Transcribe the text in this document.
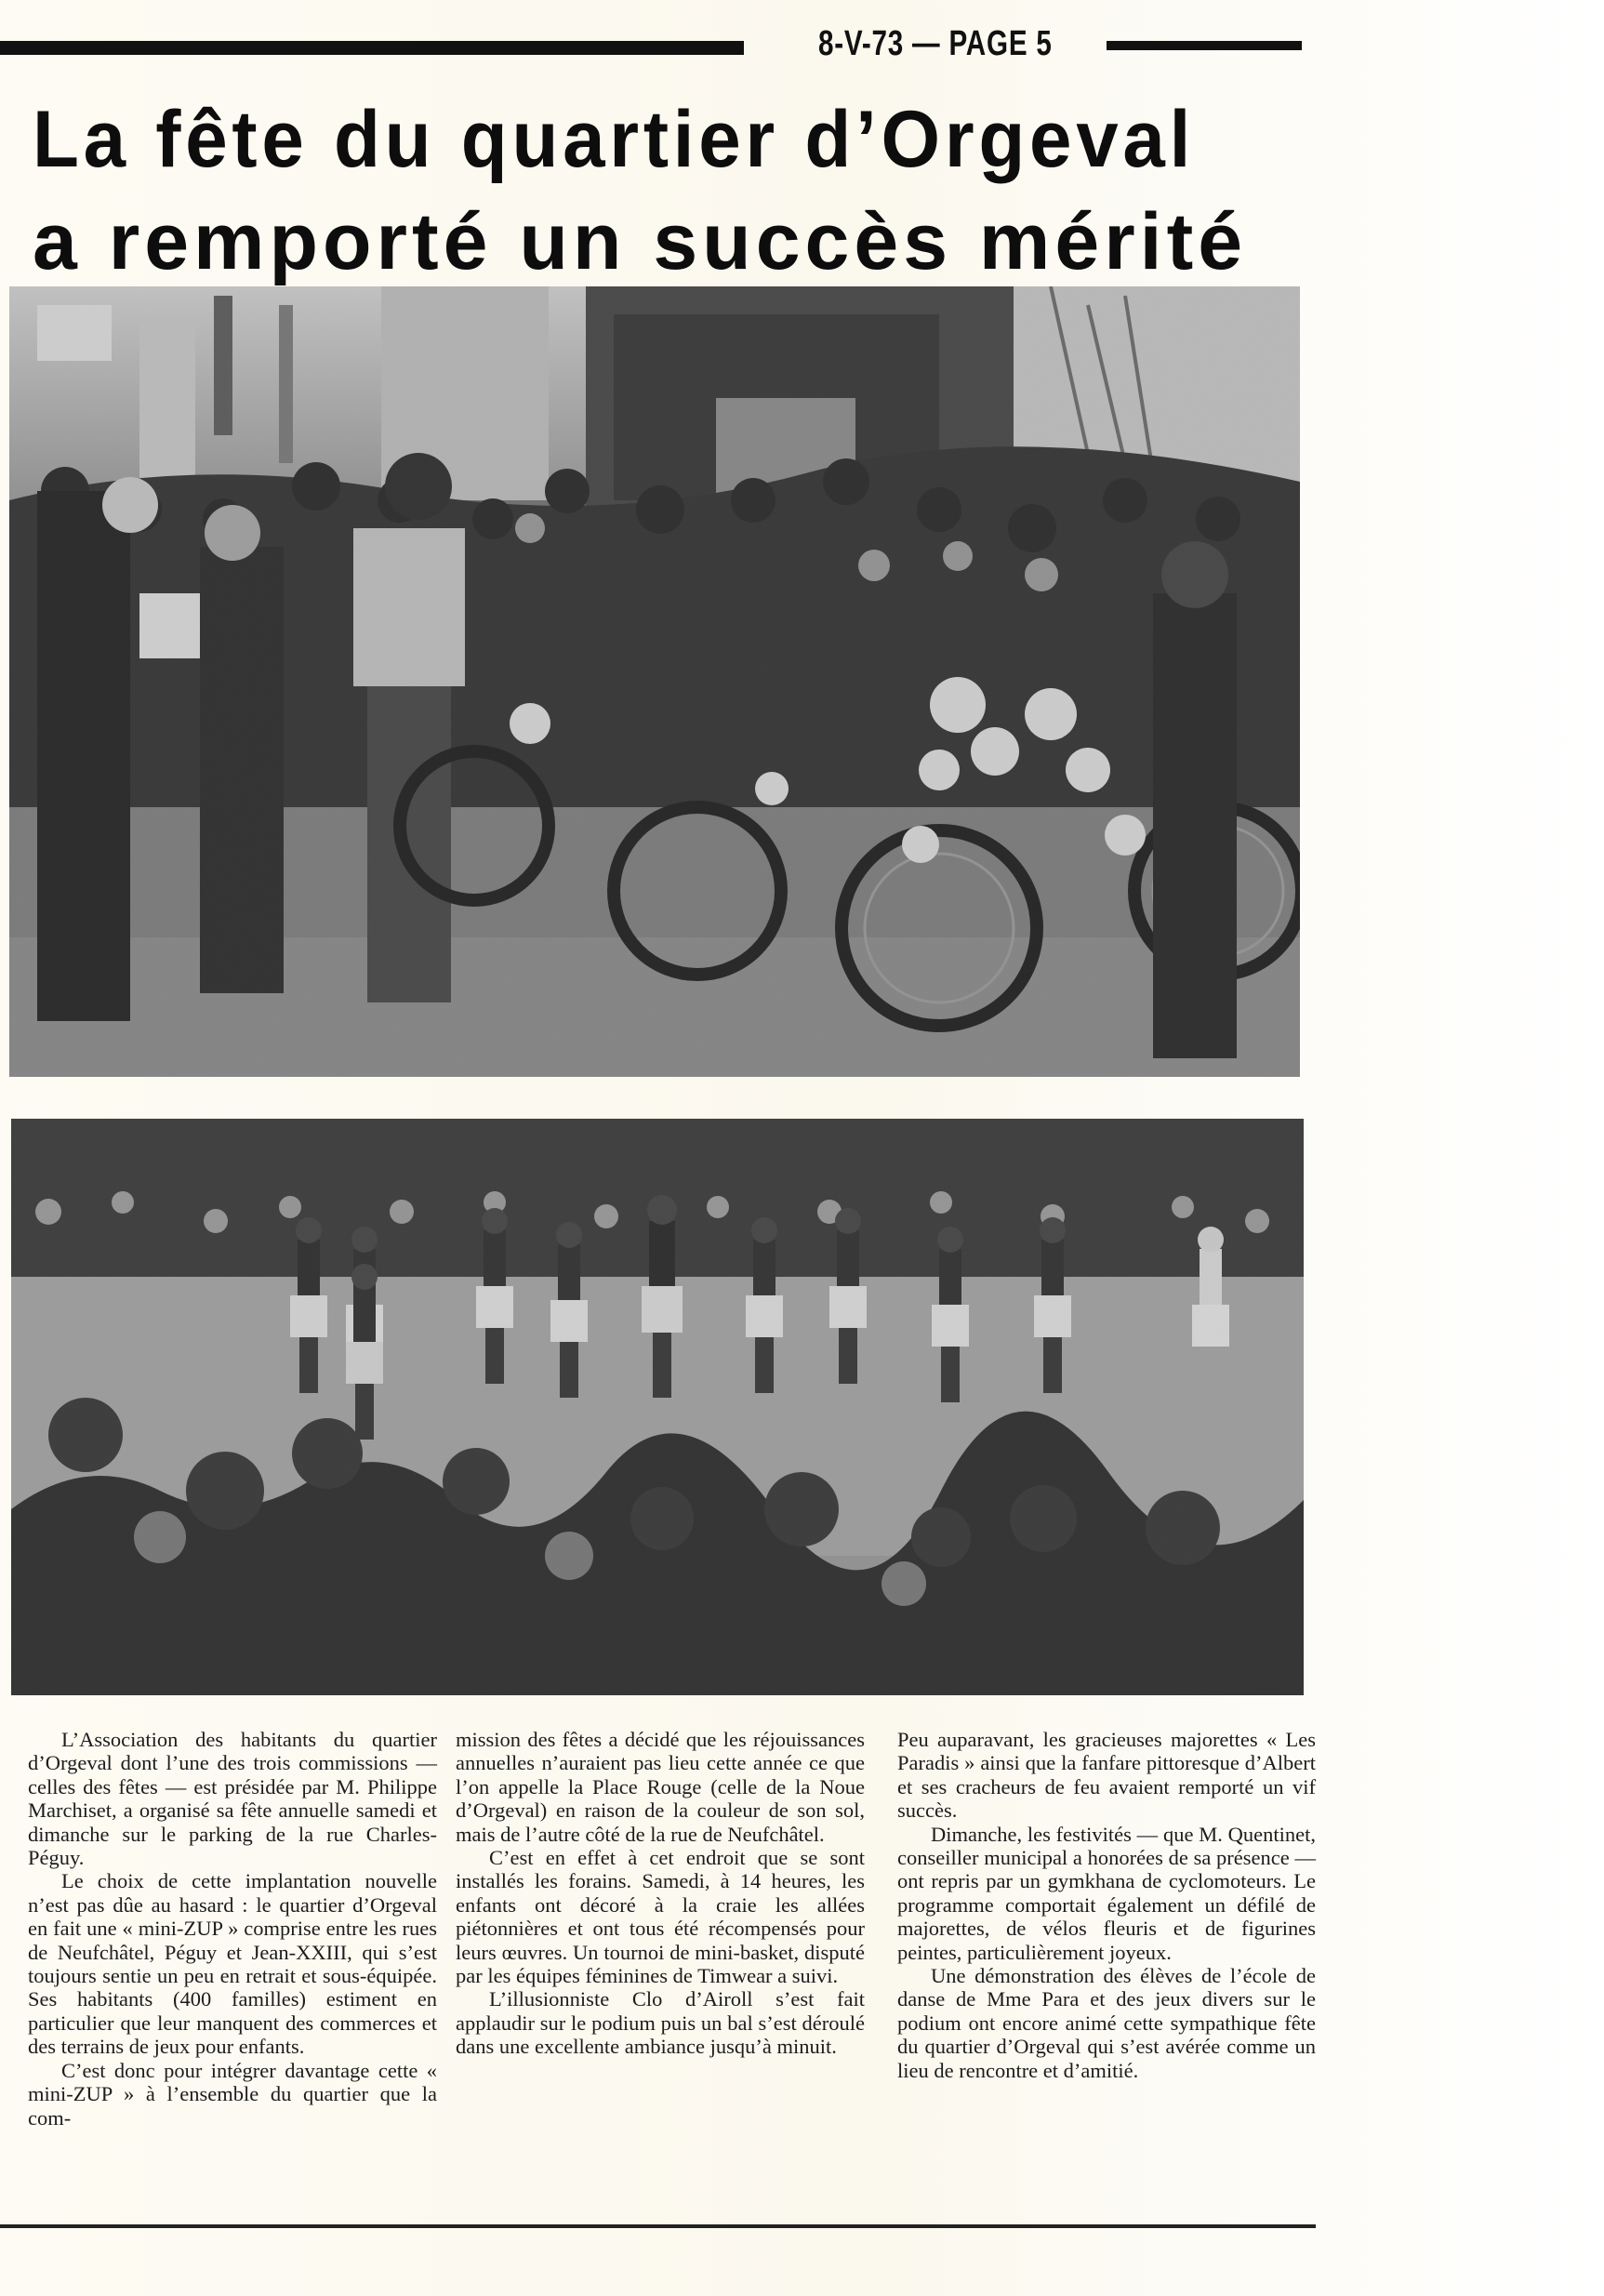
8-V-73 — PAGE 5
La fête du quartier d’Orgeval
a remporté un succès mérité

L’Association des habitants du quartier d’Orgeval dont l’une des trois commissions — celles des fêtes — est présidée par M. Philippe Marchiset, a organisé sa fête annuelle samedi et dimanche sur le parking de la rue Charles-Péguy.

Le choix de cette implantation nouvelle n’est pas dûe au hasard : le quartier d’Orgeval en fait une « mini-ZUP » comprise entre les rues de Neufchâtel, Péguy et Jean-XXIII, qui s’est toujours sentie un peu en retrait et sous-équipée. Ses habitants (400 familles) estiment en particulier que leur manquent des commerces et des terrains de jeux pour enfants.

C’est donc pour intégrer davantage cette « mini-ZUP » à l’ensemble du quartier que la com-

mission des fêtes a décidé que les réjouissances annuelles n’auraient pas lieu cette année ce que l’on appelle la Place Rouge (celle de la Noue d’Orgeval) en raison de la couleur de son sol, mais de l’autre côté de la rue de Neufchâtel.

C’est en effet à cet endroit que se sont installés les forains. Samedi, à 14 heures, les enfants ont décoré à la craie les allées piétonnières et ont tous été récompensés pour leurs œuvres. Un tournoi de mini-basket, disputé par les équipes féminines de Timwear a suivi.

L’illusionniste Clo d’Airoll s’est fait applaudir sur le podium puis un bal s’est déroulé dans une excellente ambiance jusqu’à minuit.

Peu auparavant, les gracieuses majorettes « Les Paradis » ainsi que la fanfare pittoresque d’Albert et ses cracheurs de feu avaient remporté un vif succès.

Dimanche, les festivités — que M. Quentinet, conseiller municipal a honorées de sa présence — ont repris par un gymkhana de cyclomoteurs. Le programme comportait également un défilé de majorettes, de vélos fleuris et de figurines peintes, particulièrement joyeux.

Une démonstration des élèves de l’école de danse de Mme Para et des jeux divers sur le podium ont encore animé cette sympathique fête du quartier d’Orgeval qui s’est avérée comme un lieu de rencontre et d’amitié.
